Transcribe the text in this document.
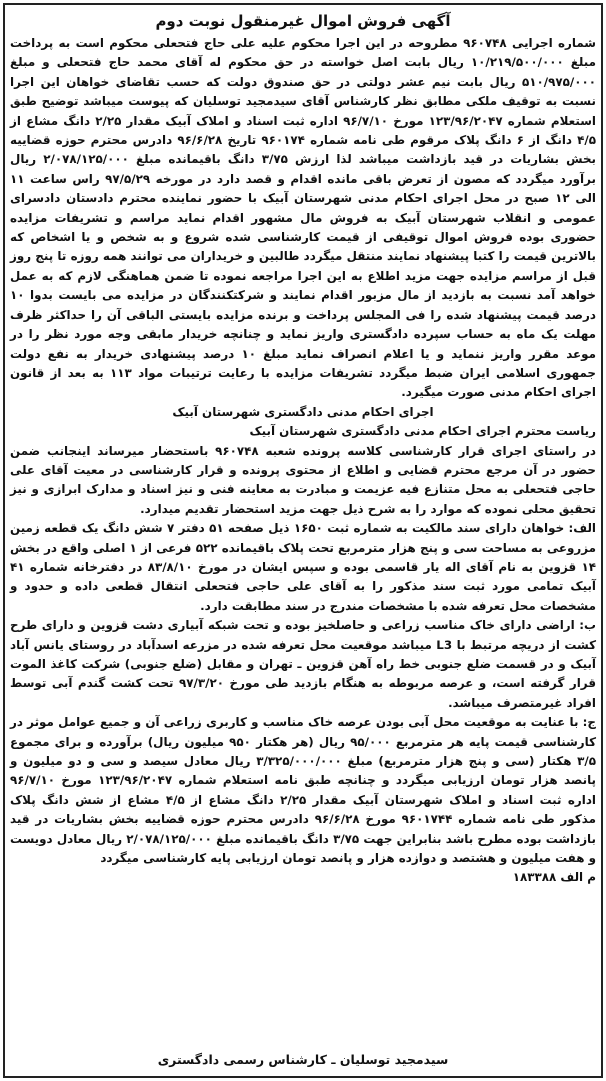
آگهی فروش اموال غیرمنقول نوبت دوم

شماره اجرایی ۹۶۰۷۴۸ مطروحه در این اجرا محکوم علیه علی حاج فتحعلی محکوم است به پرداخت مبلغ ۱۰/۲۱۹/۵۰۰/۰۰۰ ریال بابت اصل خواسته در حق محکوم له آقای محمد حاج فتحعلی و مبلغ ۵۱۰/۹۷۵/۰۰۰ ریال بابت نیم عشر دولتی در حق صندوق دولت که حسب تقاضای خواهان این اجرا نسبت به توقیف ملکی مطابق نظر کارشناس آقای سیدمجید توسلیان که پیوست میباشد توضیح طبق استعلام شماره ۱۲۳/۹۶/۲۰۴۷ مورخ ۹۶/۷/۱۰ اداره ثبت اسناد و املاک آبیک مقدار ۲/۲۵ دانگ مشاع از ۴/۵ دانگ از ۶ دانگ پلاک مرقوم طی نامه شماره ۹۶۰۱۷۴ تاریخ ۹۶/۶/۲۸ دادرس محترم حوزه قضاییه بخش بشاریات در قید بازداشت میباشد لذا ارزش ۳/۷۵ دانگ باقیمانده مبلغ ۲/۰۷۸/۱۲۵/۰۰۰ ریال برآورد میگردد که مصون از تعرض باقی مانده اقدام و قصد دارد در مورخه ۹۷/۵/۲۹ راس ساعت ۱۱ الی ۱۲ صبح در محل اجرای احکام مدنی شهرستان آبیک با حضور نماینده محترم دادستان دادسرای عمومی و انقلاب شهرستان آبیک به فروش مال مشهور اقدام نماید مراسم و تشریفات مزایده حضوری بوده فروش اموال توقیفی از قیمت کارشناسی شده شروع و به شخص و یا اشخاص که بالاترین قیمت را کتبا پیشنهاد نمایند منتقل میگردد طالبین و خریداران می توانند همه روزه تا پنج روز قبل از مراسم مزایده جهت مزید اطلاع به این اجرا مراجعه نموده تا ضمن هماهنگی لازم که به عمل خواهد آمد نسبت به بازدید از مال مزبور اقدام نمایند و شرکتکنندگان در مزایده می بایست بدوا ۱۰ درصد قیمت پیشنهاد شده را فی المجلس پرداخت و برنده مزایده بایستی الباقی آن را حداکثر ظرف مهلت یک ماه به حساب سپرده دادگستری واریز نماید و چنانچه خریدار مابقی وجه مورد نظر را در موعد مقرر واریز ننماید و یا اعلام انصراف نماید مبلغ ۱۰ درصد پیشنهادی خریدار به نفع دولت جمهوری اسلامی ایران ضبط میگردد تشریفات مزایده با رعایت ترتیبات مواد ۱۱۳ به بعد از قانون اجرای احکام مدنی صورت میگیرد.

اجرای احکام مدنی دادگستری شهرستان آبیک

ریاست محترم اجرای احکام مدنی دادگستری شهرستان آبیک

در راستای اجرای قرار کارشناسی کلاسه پرونده شعبه ۹۶۰۷۴۸ باستحضار میرساند اینجانب ضمن حضور در آن مرجع محترم قضایی و اطلاع از محتوی پرونده و قرار کارشناسی در معیت آقای علی حاجی فتحعلی به محل متنازع فیه عزیمت و مبادرت به معاینه فنی و نیز اسناد و مدارک ابرازی و نیز تحقیق محلی نموده که موارد را به شرح ذیل جهت مزید استحضار تقدیم میدارد.

الف: خواهان دارای سند مالکیت به شماره ثبت ۱۶۵۰ ذیل صفحه ۵۱ دفتر ۷ شش دانگ یک قطعه زمین مزروعی به مساحت سی و پنج هزار مترمربع تحت پلاک باقیمانده ۵۲۲ فرعی از ۱ اصلی واقع در بخش ۱۴ قزوین به نام آقای اله یار قاسمی بوده و سپس ایشان در مورخ ۸۳/۸/۱۰ در دفترخانه شماره ۴۱ آبیک تمامی مورد ثبت سند مذکور را به آقای علی حاجی فتحعلی انتقال قطعی داده و حدود و مشخصات محل تعرفه شده با مشخصات مندرج در سند مطابقت دارد.

ب: اراضی دارای خاک مناسب زراعی و حاصلخیز بوده و تحت شبکه آبیاری دشت قزوین و دارای طرح کشت از دریچه مرتبط با L3 میباشد موقعیت محل تعرفه شده در مزرعه اسدآباد در روستای یانس آباد آبیک و در قسمت ضلع جنوبی خط راه آهن قزوین ـ تهران و مقابل (ضلع جنوبی) شرکت کاغذ الموت قرار گرفته است، و عرصه مربوطه به هنگام بازدید طی مورخ ۹۷/۳/۲۰ تحت کشت گندم آبی توسط افراد غیرمتصرف میباشد.

ج: با عنایت به موقعیت محل آبی بودن عرصه خاک مناسب و کاربری زراعی آن و جمیع عوامل موثر در کارشناسی قیمت پایه هر مترمربع ۹۵/۰۰۰ ریال (هر هکتار ۹۵۰ میلیون ریال) برآورده و برای مجموع ۳/۵ هکتار (سی و پنج هزار مترمربع) مبلغ ۳/۳۲۵/۰۰۰/۰۰۰ ریال معادل سیصد و سی و دو میلیون و پانصد هزار تومان ارزیابی میگردد و چنانچه طبق نامه استعلام شماره ۱۲۳/۹۶/۲۰۴۷ مورخ ۹۶/۷/۱۰ اداره ثبت اسناد و املاک شهرستان آبیک مقدار ۲/۲۵ دانگ مشاع از ۴/۵ مشاع از شش دانگ پلاک مذکور طی نامه شماره ۹۶۰۱۷۴۴ مورخ ۹۶/۶/۲۸ دادرس محترم حوزه قضاییه بخش بشاریات در قید بازداشت بوده مطرح باشد بنابراین جهت ۳/۷۵ دانگ باقیمانده مبلغ ۲/۰۷۸/۱۲۵/۰۰۰ ریال معادل دویست و هفت میلیون و هشتصد و دوازده هزار و پانصد تومان ارزیابی پایه کارشناسی میگردد

م الف ۱۸۳۳۸۸

سیدمجید توسلیان ـ کارشناس رسمی دادگستری
